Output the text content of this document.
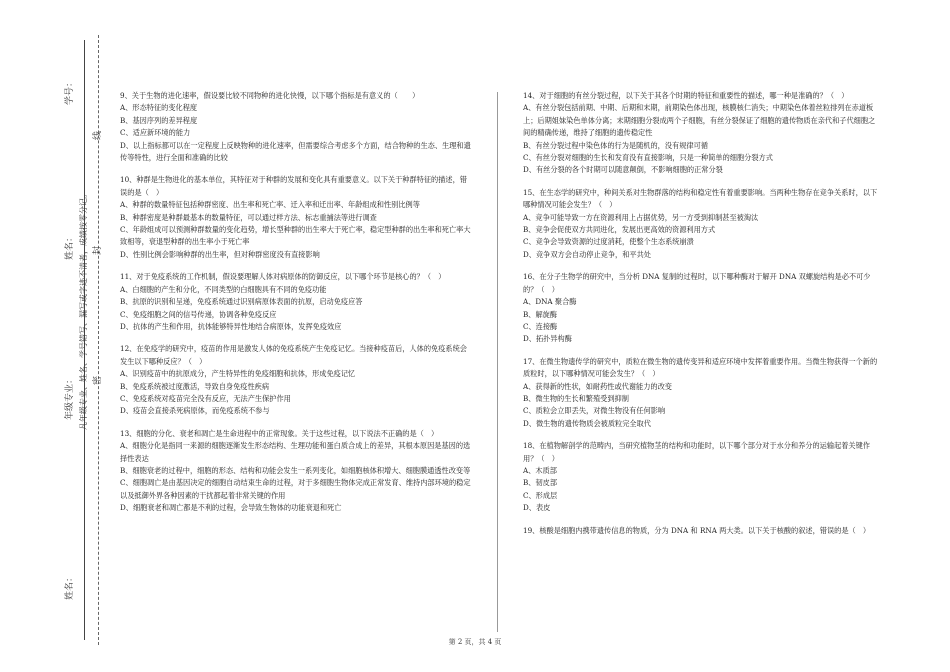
学号：
姓名：
年级专业：
姓名：
凡年级专业、姓名、学号错写、漏写或字迹不清者，成绩按零分记。 密
封
线
9、关于生物的进化速率，假设要比较不同物种的进化快慢，以下哪个指标是有意义的（　　）
A、形态特征的变化程度
B、基因序列的差异程度
C、适应新环境的能力
D、以上指标都可以在一定程度上反映物种的进化速率，但需要综合考虑多个方面，结合物种的生态、生理和遗传等特性，进行全面和准确的比较
10、种群是生物进化的基本单位，其特征对于种群的发展和变化具有重要意义。以下关于种群特征的描述，错误的是（　）
A、种群的数量特征包括种群密度、出生率和死亡率、迁入率和迁出率、年龄组成和性别比例等
B、种群密度是种群最基本的数量特征，可以通过样方法、标志重捕法等进行调查
C、年龄组成可以预测种群数量的变化趋势，增长型种群的出生率大于死亡率，稳定型种群的出生率和死亡率大致相等，衰退型种群的出生率小于死亡率
D、性别比例会影响种群的出生率，但对种群密度没有直接影响
11、对于免疫系统的工作机制，假设要理解人体对病原体的防御反应，以下哪个环节是核心的？（　）
A、白细胞的产生和分化，不同类型的白细胞具有不同的免疫功能
B、抗原的识别和呈递，免疫系统通过识别病原体表面的抗原，启动免疫应答
C、免疫细胞之间的信号传递，协调各种免疫反应
D、抗体的产生和作用，抗体能够特异性地结合病原体，发挥免疫效应
12、在免疫学的研究中，疫苗的作用是激发人体的免疫系统产生免疫记忆。当接种疫苗后，人体的免疫系统会发生以下哪种反应？（　）
A、识别疫苗中的抗原成分，产生特异性的免疫细胞和抗体，形成免疫记忆
B、免疫系统被过度激活，导致自身免疫性疾病
C、免疫系统对疫苗完全没有反应，无法产生保护作用
D、疫苗会直接杀死病原体，而免疫系统不参与
13、细胞的分化、衰老和凋亡是生命进程中的正常现象。关于这些过程，以下说法不正确的是（　）
A、细胞分化是指同一来源的细胞逐渐发生形态结构、生理功能和蛋白质合成上的差异，其根本原因是基因的选择性表达
B、细胞衰老的过程中，细胞的形态、结构和功能会发生一系列变化，如细胞核体积增大、细胞膜通透性改变等
C、细胞凋亡是由基因决定的细胞自动结束生命的过程，对于多细胞生物体完成正常发育、维持内部环境的稳定以及抵御外界各种因素的干扰都起着非常关键的作用
D、细胞衰老和凋亡都是不利的过程，会导致生物体的功能衰退和死亡
14、对于细胞的有丝分裂过程，以下关于其各个时期的特征和重要性的描述，哪一种是准确的？（　）
A、有丝分裂包括前期、中期、后期和末期，前期染色体出现，核膜核仁消失；中期染色体着丝粒排列在赤道板上；后期姐妹染色单体分离；末期细胞分裂成两个子细胞，有丝分裂保证了细胞的遗传物质在亲代和子代细胞之间的精确传递，维持了细胞的遗传稳定性
B、有丝分裂过程中染色体的行为是随机的，没有规律可循
C、有丝分裂对细胞的生长和发育没有直接影响，只是一种简单的细胞分裂方式
D、有丝分裂的各个时期可以随意颠倒，不影响细胞的正常分裂
15、在生态学的研究中，种间关系对生物群落的结构和稳定性有着重要影响。当两种生物存在竞争关系时，以下哪种情况可能会发生？（　）
A、竞争可能导致一方在资源利用上占据优势，另一方受到抑制甚至被淘汰
B、竞争会促使双方共同进化，发展出更高效的资源利用方式
C、竞争会导致资源的过度消耗，使整个生态系统崩溃
D、竞争双方会自动停止竞争，和平共处
16、在分子生物学的研究中，当分析 DNA 复制的过程时，以下哪种酶对于解开 DNA 双螺旋结构是必不可少的？（　）
A、DNA 聚合酶
B、解旋酶
C、连接酶
D、拓扑异构酶
17、在微生物遗传学的研究中，质粒在微生物的遗传变异和适应环境中发挥着重要作用。当微生物获得一个新的质粒时，以下哪种情况可能会发生？（　）
A、获得新的性状，如耐药性或代谢能力的改变
B、微生物的生长和繁殖受到抑制
C、质粒会立即丢失，对微生物没有任何影响
D、微生物的遗传物质会被质粒完全取代
18、在植物解剖学的范畴内，当研究植物茎的结构和功能时，以下哪个部分对于水分和养分的运输起着关键作用？（　）
A、木质部
B、韧皮部
C、形成层
D、表皮
19、核酸是细胞内携带遗传信息的物质，分为 DNA 和 RNA 两大类。以下关于核酸的叙述，错误的是（　）
第 2 页，共 4 页
